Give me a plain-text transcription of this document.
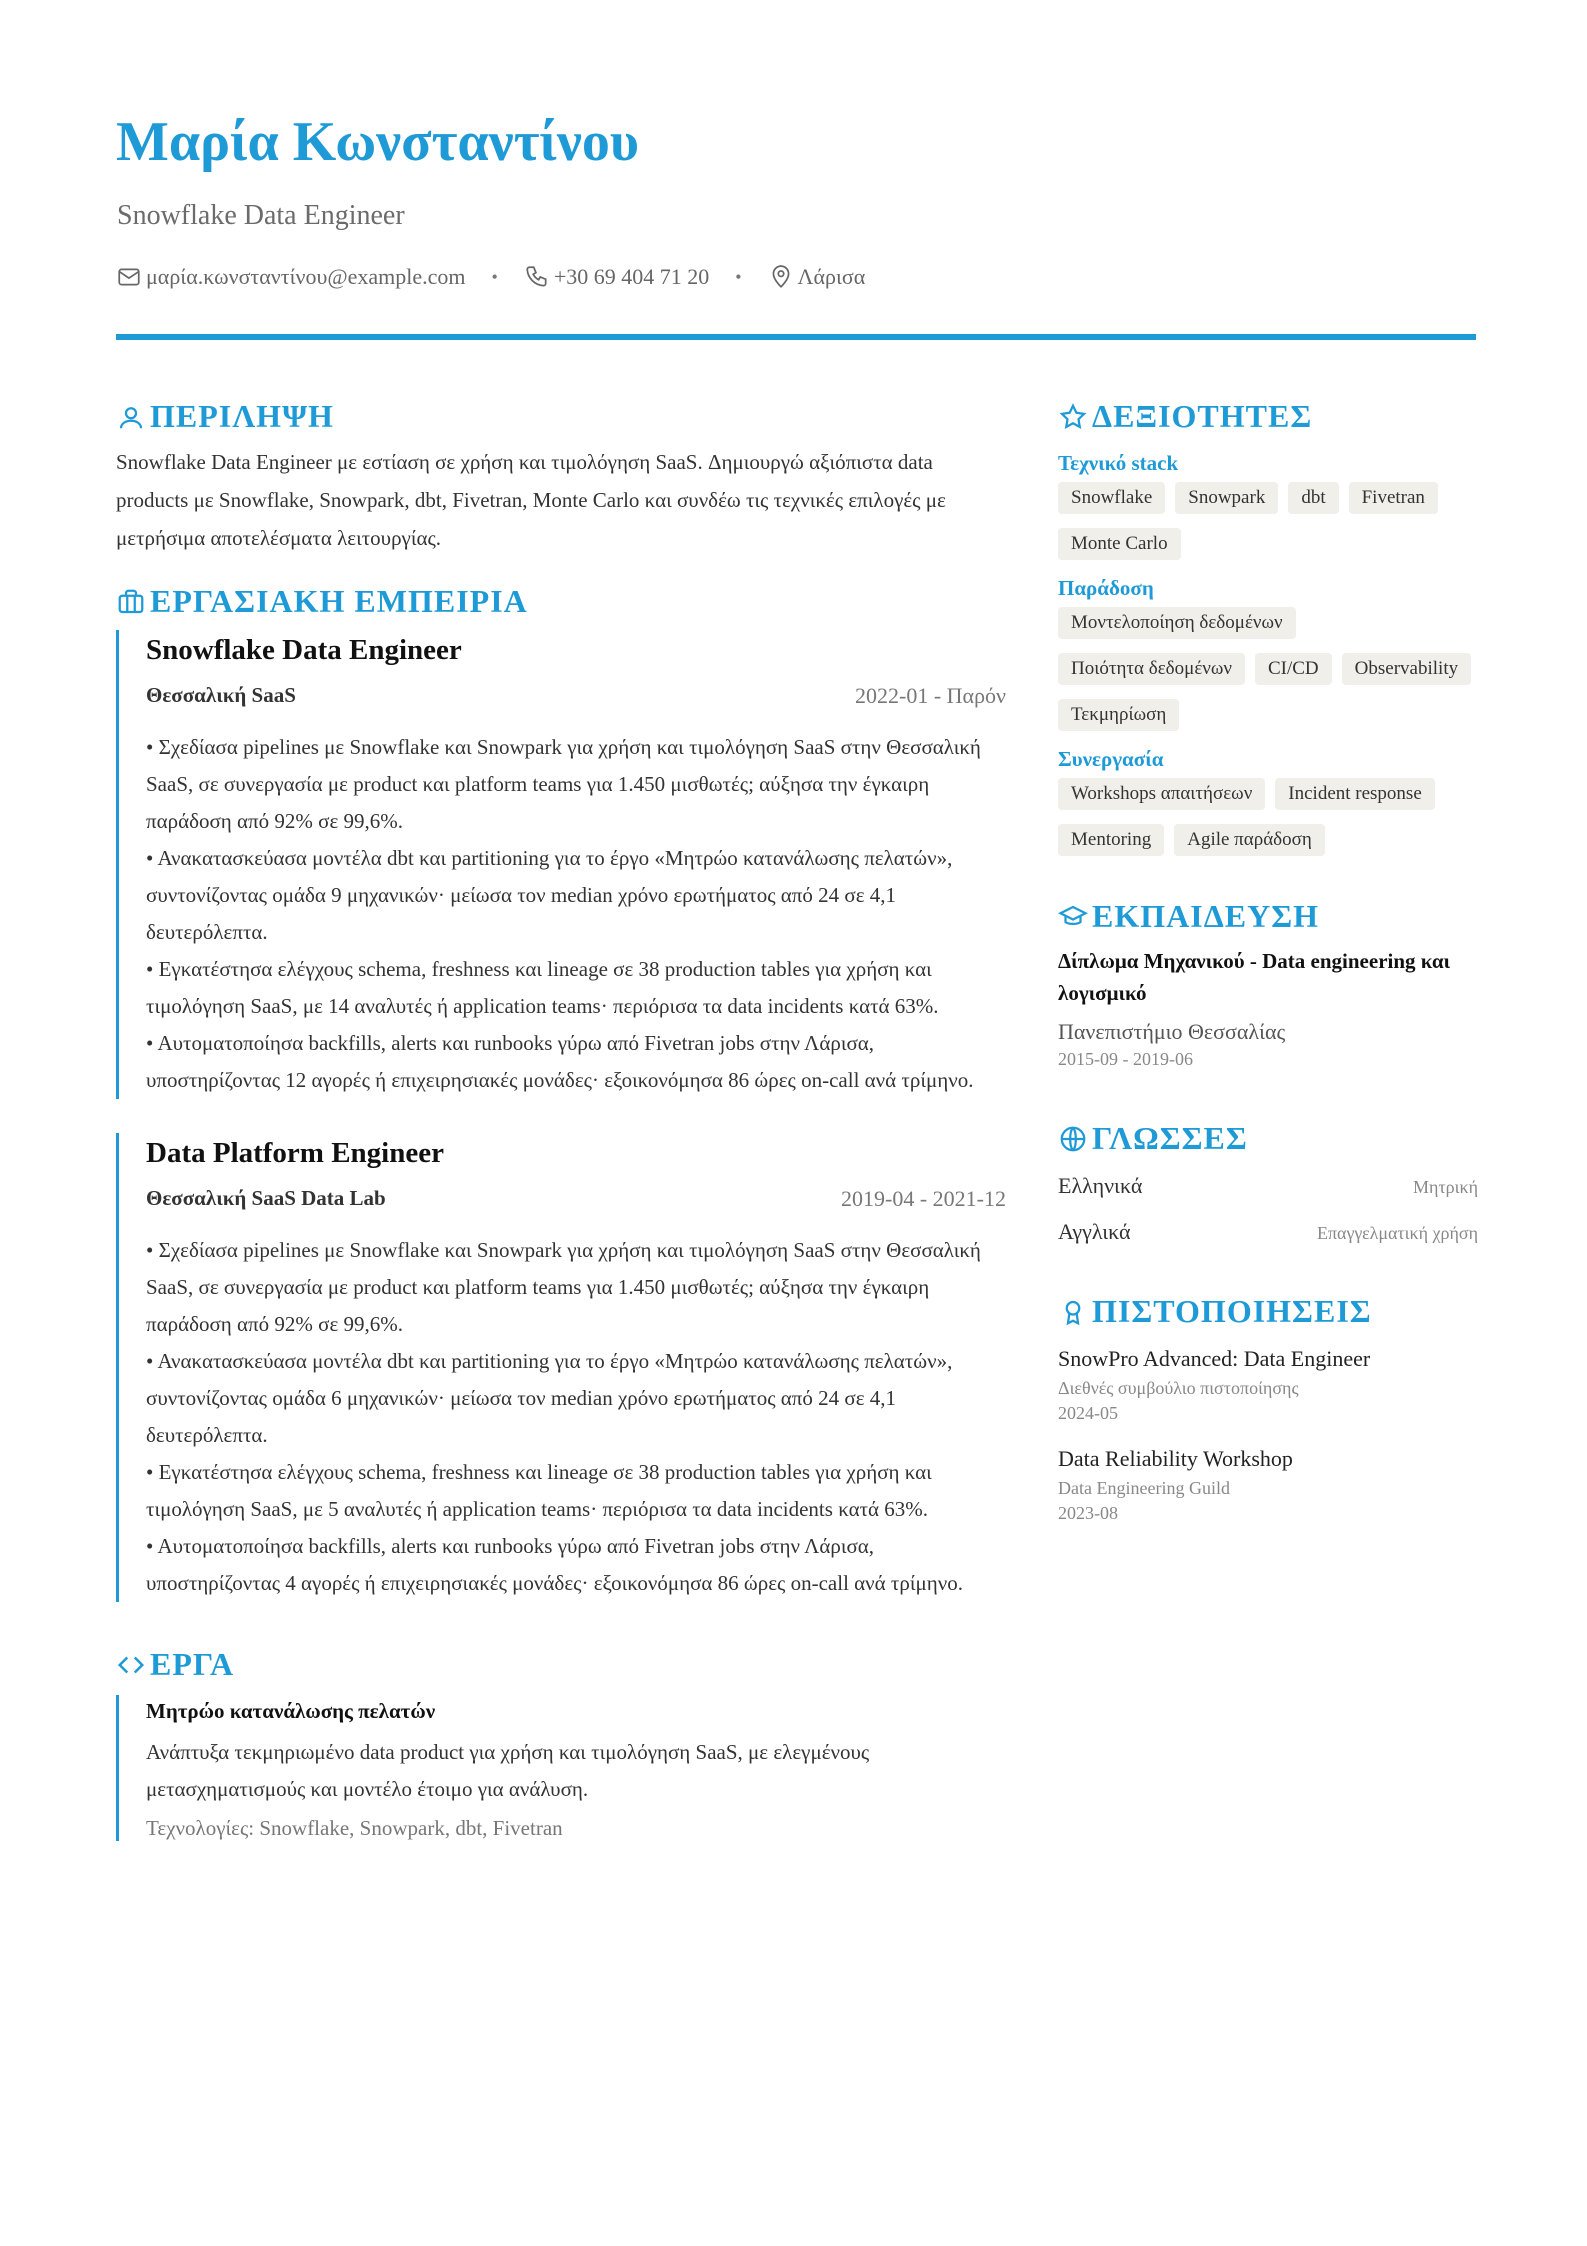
Μαρία Κωνσταντίνου
Snowflake Data Engineer
μαρία.κωνσταντίνου@example.com •	+30 69 404 71 20 •	Λάρισα
ΠΕΡΙΛΗΨΗ

Snowflake Data Engineer με εστίαση σε χρήση και τιμολόγηση SaaS. Δημιουργώ αξιόπιστα data products με Snowflake, Snowpark, dbt, Fivetran, Monte Carlo και συνδέω τις τεχνικές επιλογές με μετρήσιμα αποτελέσματα λειτουργίας.

ΕΡΓΑΣΙΑΚΗ ΕΜΠΕΙΡΙΑ
Snowflake Data Engineer
Θεσσαλική SaaS	2022-01 - Παρόν
• Σχεδίασα pipelines με Snowflake και Snowpark για χρήση και τιμολόγηση SaaS στην Θεσσαλική SaaS, σε συνεργασία με product και platform teams για 1.450 μισθωτές; αύξησα την έγκαιρη παράδοση από 92% σε 99,6%.
• Ανακατασκεύασα μοντέλα dbt και partitioning για το έργο «Μητρώο κατανάλωσης πελατών», συντονίζοντας ομάδα 9 μηχανικών· μείωσα τον median χρόνο ερωτήματος από 24 σε 4,1 δευτερόλεπτα.
• Εγκατέστησα ελέγχους schema, freshness και lineage σε 38 production tables για χρήση και τιμολόγηση SaaS, με 14 αναλυτές ή application teams· περιόρισα τα data incidents κατά 63%.
• Αυτοματοποίησα backfills, alerts και runbooks γύρω από Fivetran jobs στην Λάρισα, υποστηρίζοντας 12 αγορές ή επιχειρησιακές μονάδες· εξοικονόμησα 86 ώρες on-call ανά τρίμηνο.
Data Platform Engineer
Θεσσαλική SaaS Data Lab	2019-04 - 2021-12
• Σχεδίασα pipelines με Snowflake και Snowpark για χρήση και τιμολόγηση SaaS στην Θεσσαλική SaaS, σε συνεργασία με product και platform teams για 1.450 μισθωτές; αύξησα την έγκαιρη παράδοση από 92% σε 99,6%.
• Ανακατασκεύασα μοντέλα dbt και partitioning για το έργο «Μητρώο κατανάλωσης πελατών», συντονίζοντας ομάδα 6 μηχανικών· μείωσα τον median χρόνο ερωτήματος από 24 σε 4,1 δευτερόλεπτα.
• Εγκατέστησα ελέγχους schema, freshness και lineage σε 38 production tables για χρήση και τιμολόγηση SaaS, με 5 αναλυτές ή application teams· περιόρισα τα data incidents κατά 63%.
• Αυτοματοποίησα backfills, alerts και runbooks γύρω από Fivetran jobs στην Λάρισα, υποστηρίζοντας 4 αγορές ή επιχειρησιακές μονάδες· εξοικονόμησα 86 ώρες on-call ανά τρίμηνο.
ΕΡΓΑ
Μητρώο κατανάλωσης πελατών
Ανάπτυξα τεκμηριωμένο data product για χρήση και τιμολόγηση SaaS, με ελεγμένους μετασχηματισμούς και μοντέλο έτοιμο για ανάλυση.
Τεχνολογίες: Snowflake, Snowpark, dbt, Fivetran
ΔΕΞΙΟΤΗΤΕΣ
Τεχνικό stack
Snowflake	Snowpark	dbt	Fivetran
Monte Carlo
Παράδοση
Μοντελοποίηση δεδομένων
Ποιότητα δεδομένων	CI/CD	Observability
Τεκμηρίωση
Συνεργασία
Workshops απαιτήσεων	Incident response
Mentoring	Agile παράδοση
ΕΚΠΑΙΔΕΥΣΗ
Δίπλωμα Μηχανικού - Data engineering και λογισμικό
Πανεπιστήμιο Θεσσαλίας
2015-09 - 2019-06
ΓΛΩΣΣΕΣ
Ελληνικά	Μητρική
Αγγλικά	Επαγγελματική χρήση
ΠΙΣΤΟΠΟΙΗΣΕΙΣ
SnowPro Advanced: Data Engineer
Διεθνές συμβούλιο πιστοποίησης
2024-05
Data Reliability Workshop
Data Engineering Guild
2023-08
